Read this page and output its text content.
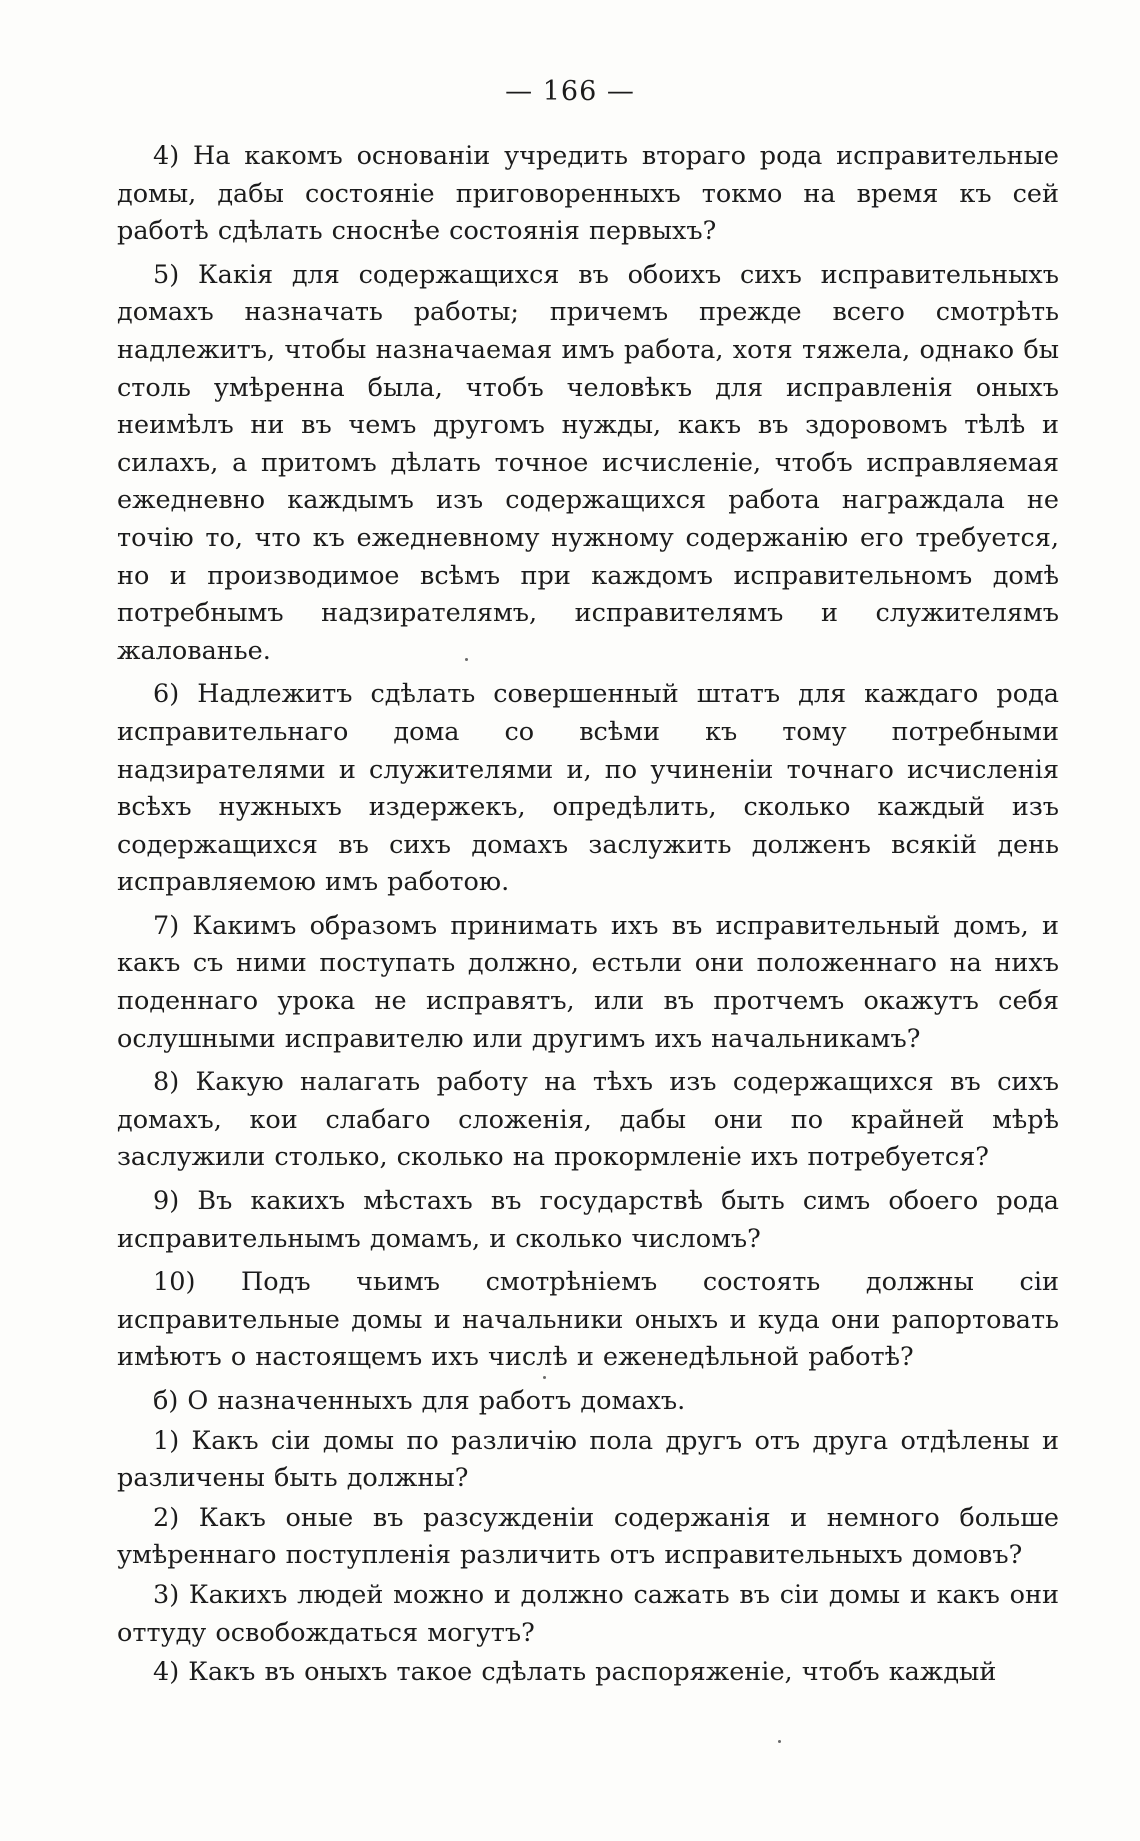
— 166 —

4) На какомъ основаніи учредить втораго рода исправительные домы, дабы состояніе приговоренныхъ токмо на время къ сей работѣ сдѣлать сноснѣе состоянія первыхъ?

5) Какія для содержащихся въ обоихъ сихъ исправительныхъ домахъ назначать работы; причемъ прежде всего смотрѣть надлежитъ, чтобы назначаемая имъ работа, хотя тяжела, однако бы столь умѣренна была, чтобъ человѣкъ для исправленія оныхъ неимѣлъ ни въ чемъ другомъ нужды, какъ въ здоровомъ тѣлѣ и силахъ, а притомъ дѣлать точное исчисленіе, чтобъ исправляемая ежедневно каждымъ изъ содержащихся работа награждала не точію то, что къ ежедневному нужному содержанію его требуется, но и производимое всѣмъ при каждомъ исправительномъ домѣ потребнымъ надзирателямъ, исправителямъ и служителямъ жалованье.

6) Надлежитъ сдѣлать совершенный штатъ для каждаго рода исправительнаго дома со всѣми къ тому потребными надзирателями и служителями и, по учиненіи точнаго исчисленія всѣхъ нужныхъ издержекъ, опредѣлить, сколько каждый изъ содержащихся въ сихъ домахъ заслужить долженъ всякій день исправляемою имъ работою.

7) Какимъ образомъ принимать ихъ въ исправительный домъ, и какъ съ ними поступать должно, естьли они положеннаго на нихъ поденнаго урока не исправятъ, или въ протчемъ окажутъ себя ослушными исправителю или другимъ ихъ начальникамъ?

8) Какую налагать работу на тѣхъ изъ содержащихся въ сихъ домахъ, кои слабаго сложенія, дабы они по крайней мѣрѣ заслужили столько, сколько на прокормленіе ихъ потребуется?

9) Въ какихъ мѣстахъ въ государствѣ быть симъ обоего рода исправительнымъ домамъ, и сколько числомъ?

10) Подъ чьимъ смотрѣніемъ состоять должны сіи исправительные домы и начальники оныхъ и куда они рапортовать имѣютъ о настоящемъ ихъ числѣ и еженедѣльной работѣ?

б) О назначенныхъ для работъ домахъ.

1) Какъ сіи домы по различію пола другъ отъ друга отдѣлены и различены быть должны?

2) Какъ оные въ разсужденіи содержанія и немного больше умѣреннаго поступленія различить отъ исправительныхъ домовъ?

3) Какихъ людей можно и должно сажать въ сіи домы и какъ они оттуду освобождаться могутъ?

4) Какъ въ оныхъ такое сдѣлать распоряженіе, чтобъ каждый
